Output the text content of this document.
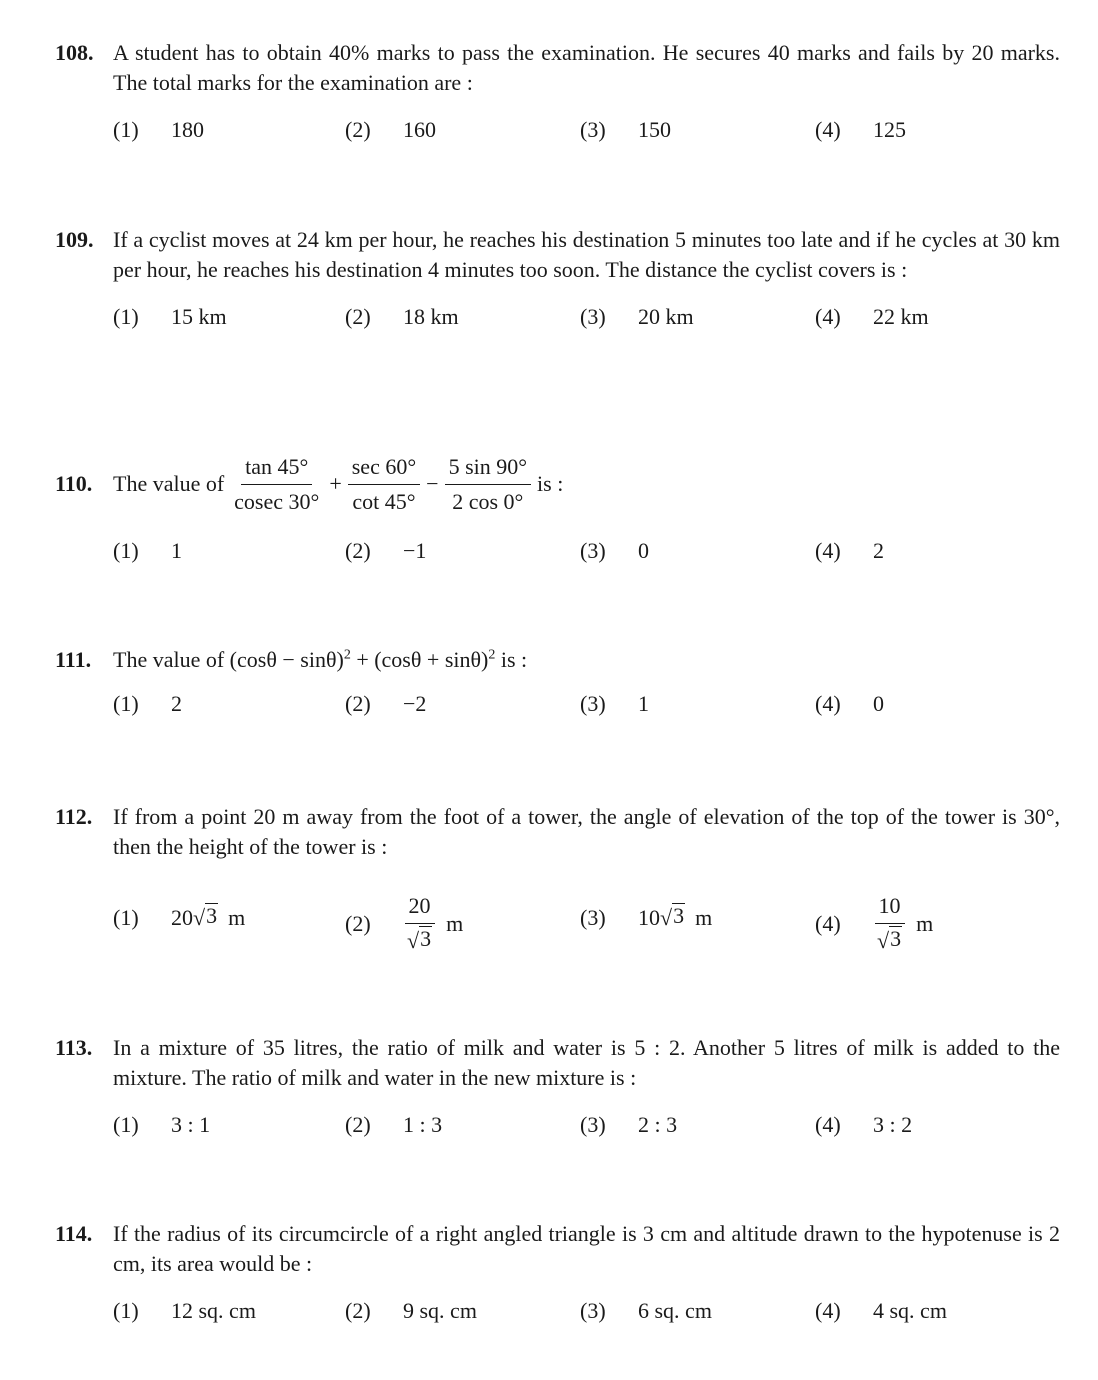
108. A student has to obtain 40% marks to pass the examination. He secures 40 marks and fails by 20 marks. The total marks for the examination are :
(1)	180	(2)	160	(3)	150	(4)	125
109. If a cyclist moves at 24 km per hour, he reaches his destination 5 minutes too late and if he cycles at 30 km per hour, he reaches his destination 4 minutes too soon. The distance the cyclist covers is :
(1)	15 km	(2)	18 km	(3)	20 km	(4)	22 km
110. The value of $\frac{\tan 45^\circ}{cosec 30^\circ} + \frac{\sec 60^\circ}{\cot 45^\circ} - \frac{5 \sin 90^\circ}{2 \cos 0^\circ}$ is :
(1)	1	(2)	−1	(3)	0	(4)	2
111. The value of $(\cos\theta - \sin\theta)^2 + (\cos\theta + \sin\theta)^2$ is :
(1)	2	(2)	−2	(3)	1	(4)	0
112. If from a point 20 m away from the foot of a tower, the angle of elevation of the top of the tower is 30°, then the height of the tower is :
(1)	20 √ 3 m	(2)	$\frac{20}{√ 3}$ m	(3)	10 √ 3 m	(4)	$\frac{10}{√ 3}$ m
113. In a mixture of 35 litres, the ratio of milk and water is 5 : 2. Another 5 litres of milk is added to the mixture. The ratio of milk and water in the new mixture is :
(1)	3 : 1	(2)	1 : 3	(3)	2 : 3	(4)	3 : 2
114. If the radius of its circumcircle of a right angled triangle is 3 cm and altitude drawn to the hypotenuse is 2 cm, its area would be :
(1)	12 sq. cm	(2)	9 sq. cm	(3)	6 sq. cm	(4)	4 sq. cm
